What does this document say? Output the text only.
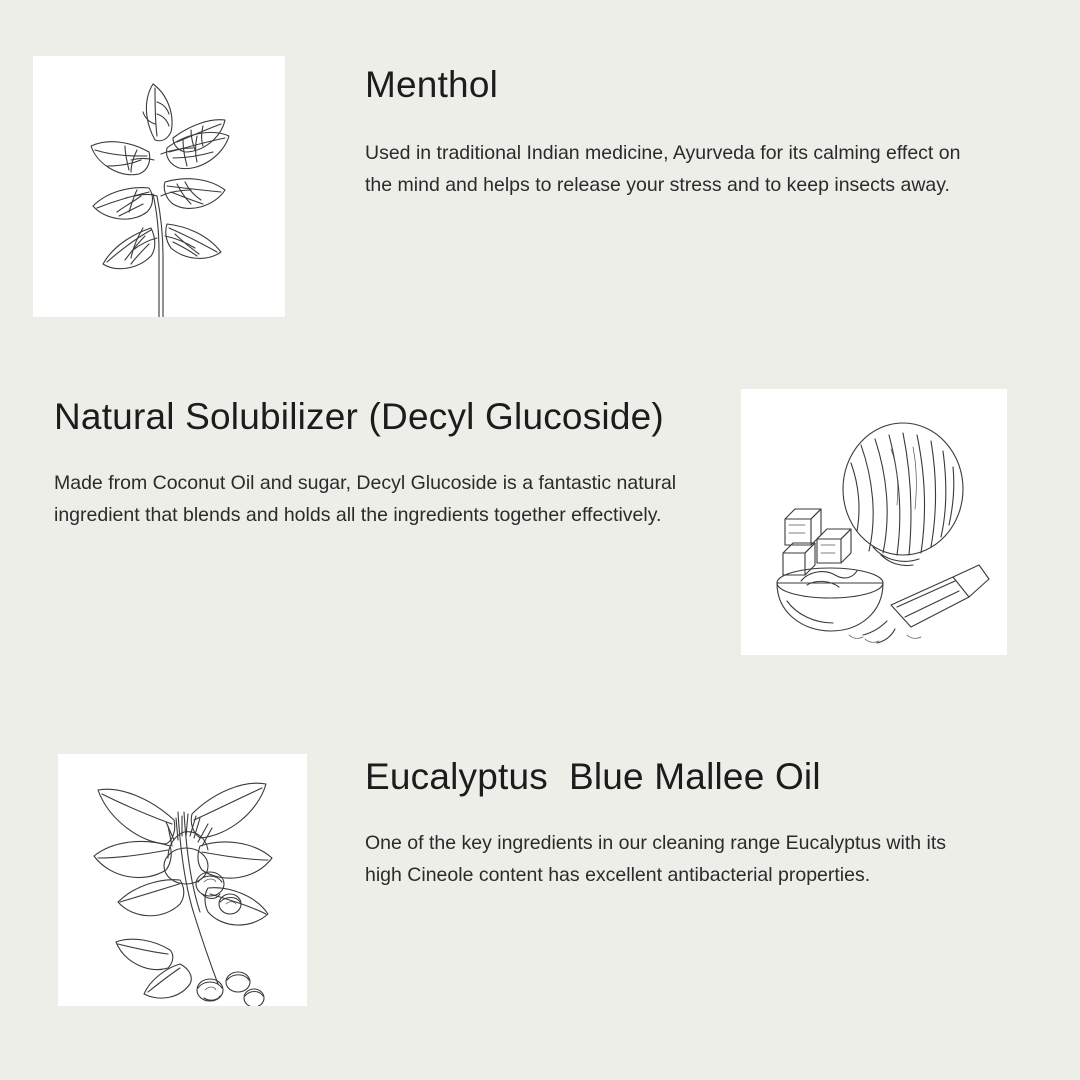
Menthol

Used in traditional Indian medicine, Ayurveda for its calming effect on the mind and helps to release your stress and to keep insects away.

Natural Solubilizer (Decyl Glucoside)

Made from Coconut Oil and sugar, Decyl Glucoside is a fantastic natural ingredient that blends and holds all the ingredients together effectively.

Eucalyptus  Blue Mallee Oil

One of the key ingredients in our cleaning range Eucalyptus with its high Cineole content has excellent antibacterial properties.
